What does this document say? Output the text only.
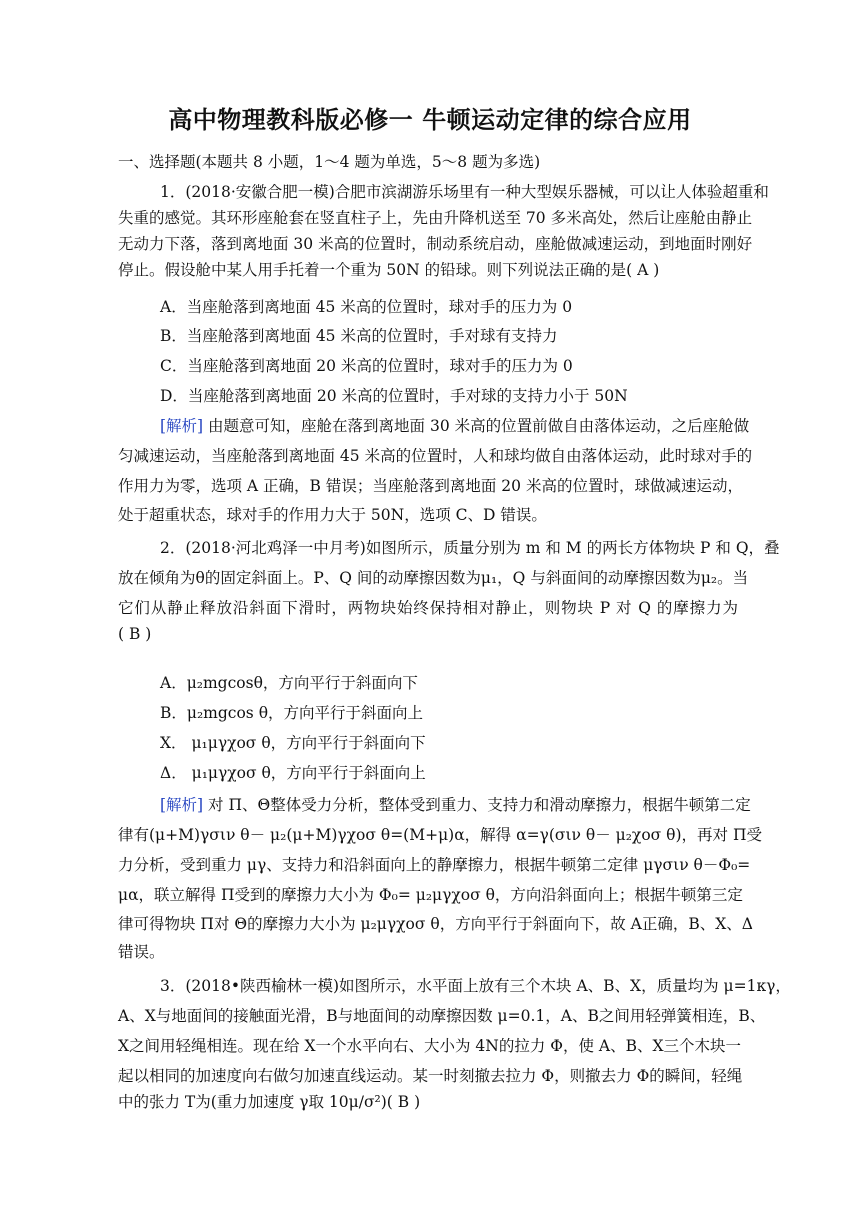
高中物理教科版必修一 牛顿运动定律的综合应用
一、选择题(本题共 8 小题，1～4 题为单选，5～8 题为多选)
1．(2018·安徽合肥一模)合肥市滨湖游乐场里有一种大型娱乐器械，可以让人体验超重和
失重的感觉。其环形座舱套在竖直柱子上，先由升降机送至 70 多米高处，然后让座舱由静止
无动力下落，落到离地面 30 米高的位置时，制动系统启动，座舱做减速运动，到地面时刚好
停止。假设舱中某人用手托着一个重为 50N 的铅球。则下列说法正确的是( A )
A．当座舱落到离地面 45 米高的位置时，球对手的压力为 0
B．当座舱落到离地面 45 米高的位置时，手对球有支持力
C．当座舱落到离地面 20 米高的位置时，球对手的压力为 0
D．当座舱落到离地面 20 米高的位置时，手对球的支持力小于 50N
[解析] 由题意可知，座舱在落到离地面 30 米高的位置前做自由落体运动，之后座舱做
匀减速运动，当座舱落到离地面 45 米高的位置时，人和球均做自由落体运动，此时球对手的
作用力为零，选项 A 正确，B 错误；当座舱落到离地面 20 米高的位置时，球做减速运动，
处于超重状态，球对手的作用力大于 50N，选项 C、D 错误。
2．(2018·河北鸡泽一中月考)如图所示，质量分别为 m 和 M 的两长方体物块 P 和 Q，叠
放在倾角为θ的固定斜面上。P、Q 间的动摩擦因数为μ₁，Q 与斜面间的动摩擦因数为μ₂。当
它们从静止释放沿斜面下滑时，两物块始终保持相对静止，则物块 P 对 Q 的摩擦力为
( B )
A．μ₂mgcosθ，方向平行于斜面向下
B．μ₂mgcos θ，方向平行于斜面向上
Χ． μ₁μγχοσ θ，方向平行于斜面向下
Δ． μ₁μγχοσ θ，方向平行于斜面向上
[解析] 对 Π、Θ整体受力分析，整体受到重力、支持力和滑动摩擦力，根据牛顿第二定
律有(μ+Μ)γσιν θ－ μ₂(μ+Μ)γχοσ θ=(Μ+μ)α，解得 α=γ(σιν θ－ μ₂χοσ θ)，再对 Π受
力分析，受到重力 μγ、支持力和沿斜面向上的静摩擦力，根据牛顿第二定律 μγσιν θ－Φ₀=
μα，联立解得 Π受到的摩擦力大小为 Φ₀= μ₂μγχοσ θ，方向沿斜面向上；根据牛顿第三定
律可得物块 Π对 Θ的摩擦力大小为 μ₂μγχοσ θ，方向平行于斜面向下，故 Α正确，Β、Χ、Δ
错误。
3．(2018•陕西榆林一模)如图所示，水平面上放有三个木块 Α、Β、Χ，质量均为 μ=1κγ，
Α、Χ与地面间的接触面光滑，Β与地面间的动摩擦因数 μ=0.1，Α、Β之间用轻弹簧相连，Β、
Χ之间用轻绳相连。现在给 Χ一个水平向右、大小为 4Ν的拉力 Φ，使 Α、Β、Χ三个木块一
起以相同的加速度向右做匀加速直线运动。某一时刻撤去拉力 Φ，则撤去力 Φ的瞬间，轻绳
中的张力 Τ为(重力加速度 γ取 10μ/σ²)( B )
